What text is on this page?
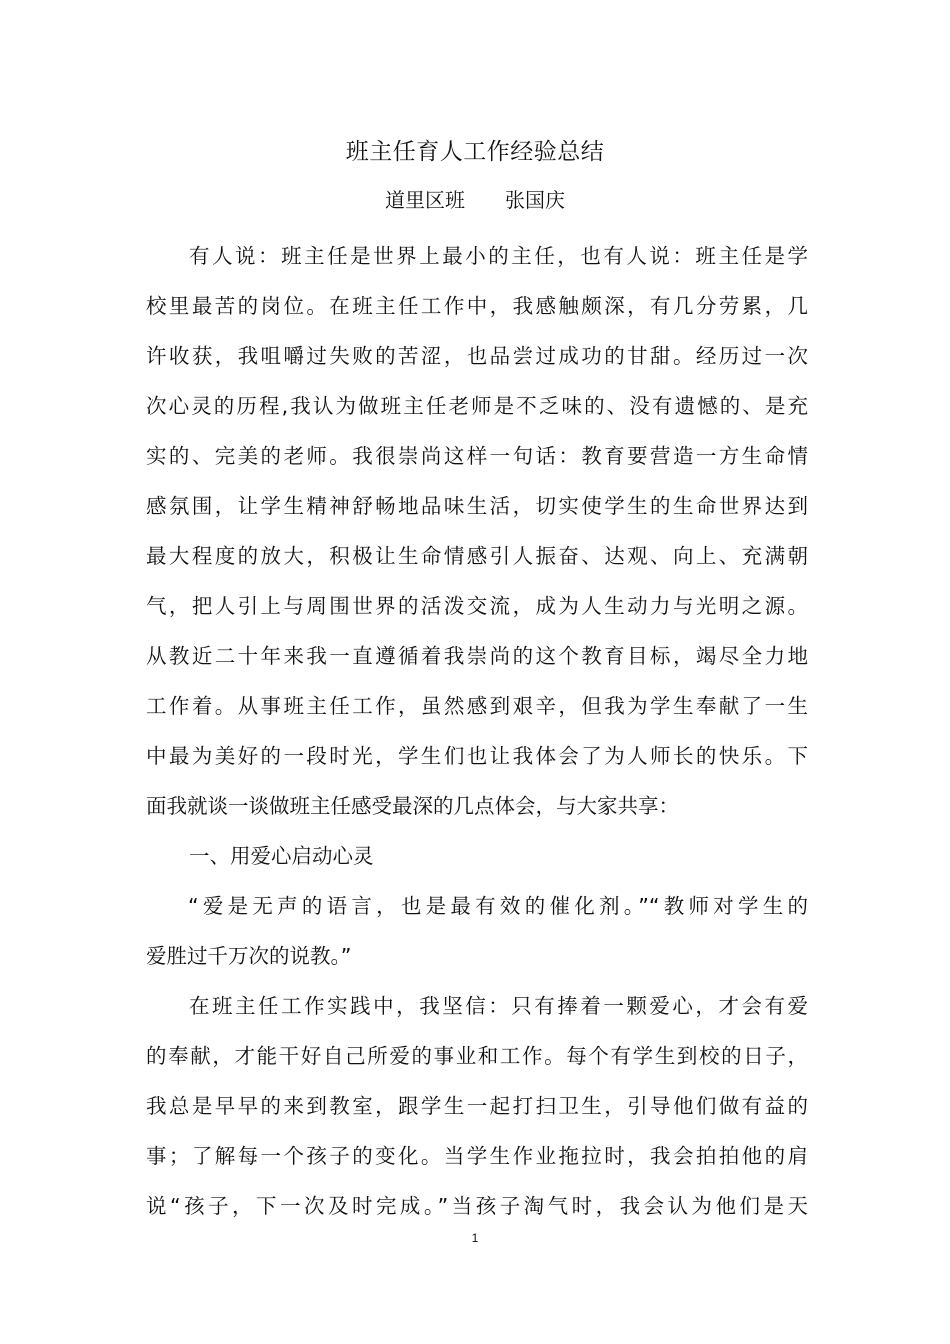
班主任育人工作经验总结
道里区班　　张国庆
有人说：班主任是世界上最小的主任，也有人说：班主任是学
校里最苦的岗位。在班主任工作中，我感触颇深，有几分劳累，几
许收获，我咀嚼过失败的苦涩，也品尝过成功的甘甜。经历过一次
次心灵的历程,我认为做班主任老师是不乏味的、没有遗憾的、是充
实的、完美的老师。我很崇尚这样一句话：教育要营造一方生命情
感氛围，让学生精神舒畅地品味生活，切实使学生的生命世界达到
最大程度的放大，积极让生命情感引人振奋、达观、向上、充满朝
气，把人引上与周围世界的活泼交流，成为人生动力与光明之源。
从教近二十年来我一直遵循着我崇尚的这个教育目标，竭尽全力地
工作着。从事班主任工作，虽然感到艰辛，但我为学生奉献了一生
中最为美好的一段时光，学生们也让我体会了为人师长的快乐。下
面我就谈一谈做班主任感受最深的几点体会，与大家共享：
一、用爱心启动心灵
“爱是无声的语言，也是最有效的催化剂。”“教师对学生的
爱胜过千万次的说教。”
在班主任工作实践中，我坚信：只有捧着一颗爱心，才会有爱
的奉献，才能干好自己所爱的事业和工作。每个有学生到校的日子，
我总是早早的来到教室，跟学生一起打扫卫生，引导他们做有益的
事；了解每一个孩子的变化。当学生作业拖拉时，我会拍拍他的肩
说“孩子，下一次及时完成。”当孩子淘气时，我会认为他们是天
1
